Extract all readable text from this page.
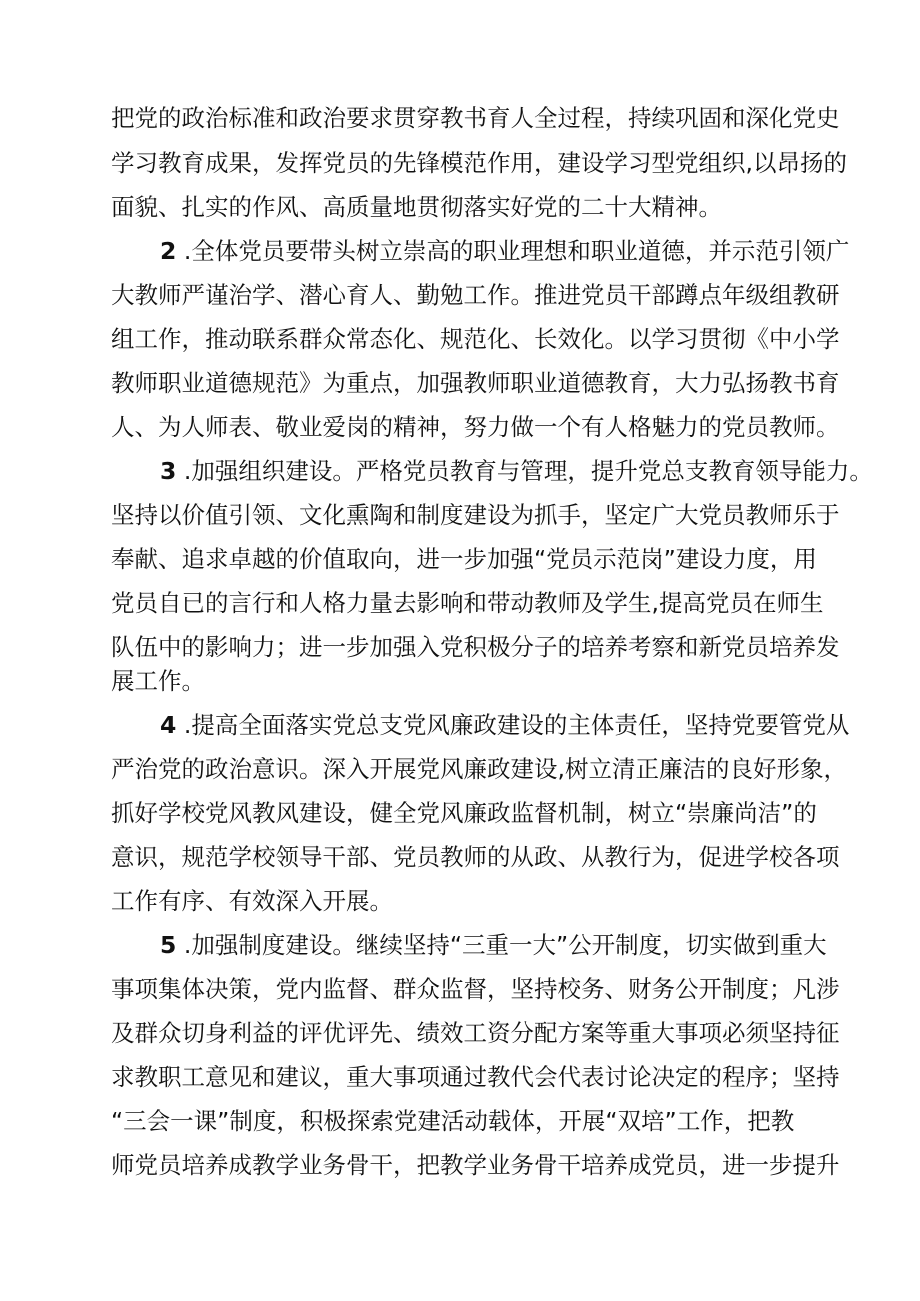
把党的政治标准和政治要求贯穿教书育人全过程，持续巩固和深化党史
学习教育成果，发挥党员的先锋模范作用，建设学习型党组织,以昂扬的
面貌、扎实的作风、高质量地贯彻落实好党的二十大精神。
2 .全体党员要带头树立崇高的职业理想和职业道德，并示范引领广
大教师严谨治学、潜心育人、勤勉工作。推进党员干部蹲点年级组教研
组工作，推动联系群众常态化、规范化、长效化。以学习贯彻《中小学
教师职业道德规范》为重点，加强教师职业道德教育，大力弘扬教书育
人、为人师表、敬业爱岗的精神，努力做一个有人格魅力的党员教师。
3 .加强组织建设。严格党员教育与管理，提升党总支教育领导能力。
坚持以价值引领、文化熏陶和制度建设为抓手，坚定广大党员教师乐于
奉献、追求卓越的价值取向，进一步加强“党员示范岗”建设力度，用
党员自已的言行和人格力量去影响和带动教师及学生,提高党员在师生
队伍中的影响力；进一步加强入党积极分子的培养考察和新党员培养发
展工作。
4 .提高全面落实党总支党风廉政建设的主体责任，坚持党要管党从
严治党的政治意识。深入开展党风廉政建设,树立清正廉洁的良好形象，
抓好学校党风教风建设，健全党风廉政监督机制，树立“崇廉尚洁”的
意识，规范学校领导干部、党员教师的从政、从教行为，促进学校各项
工作有序、有效深入开展。
5 .加强制度建设。继续坚持“三重一大”公开制度，切实做到重大
事项集体决策，党内监督、群众监督，坚持校务、财务公开制度；凡涉
及群众切身利益的评优评先、绩效工资分配方案等重大事项必须坚持征
求教职工意见和建议，重大事项通过教代会代表讨论决定的程序；坚持
“三会一课”制度，积极探索党建活动载体，开展“双培”工作，把教
师党员培养成教学业务骨干，把教学业务骨干培养成党员，进一步提升
